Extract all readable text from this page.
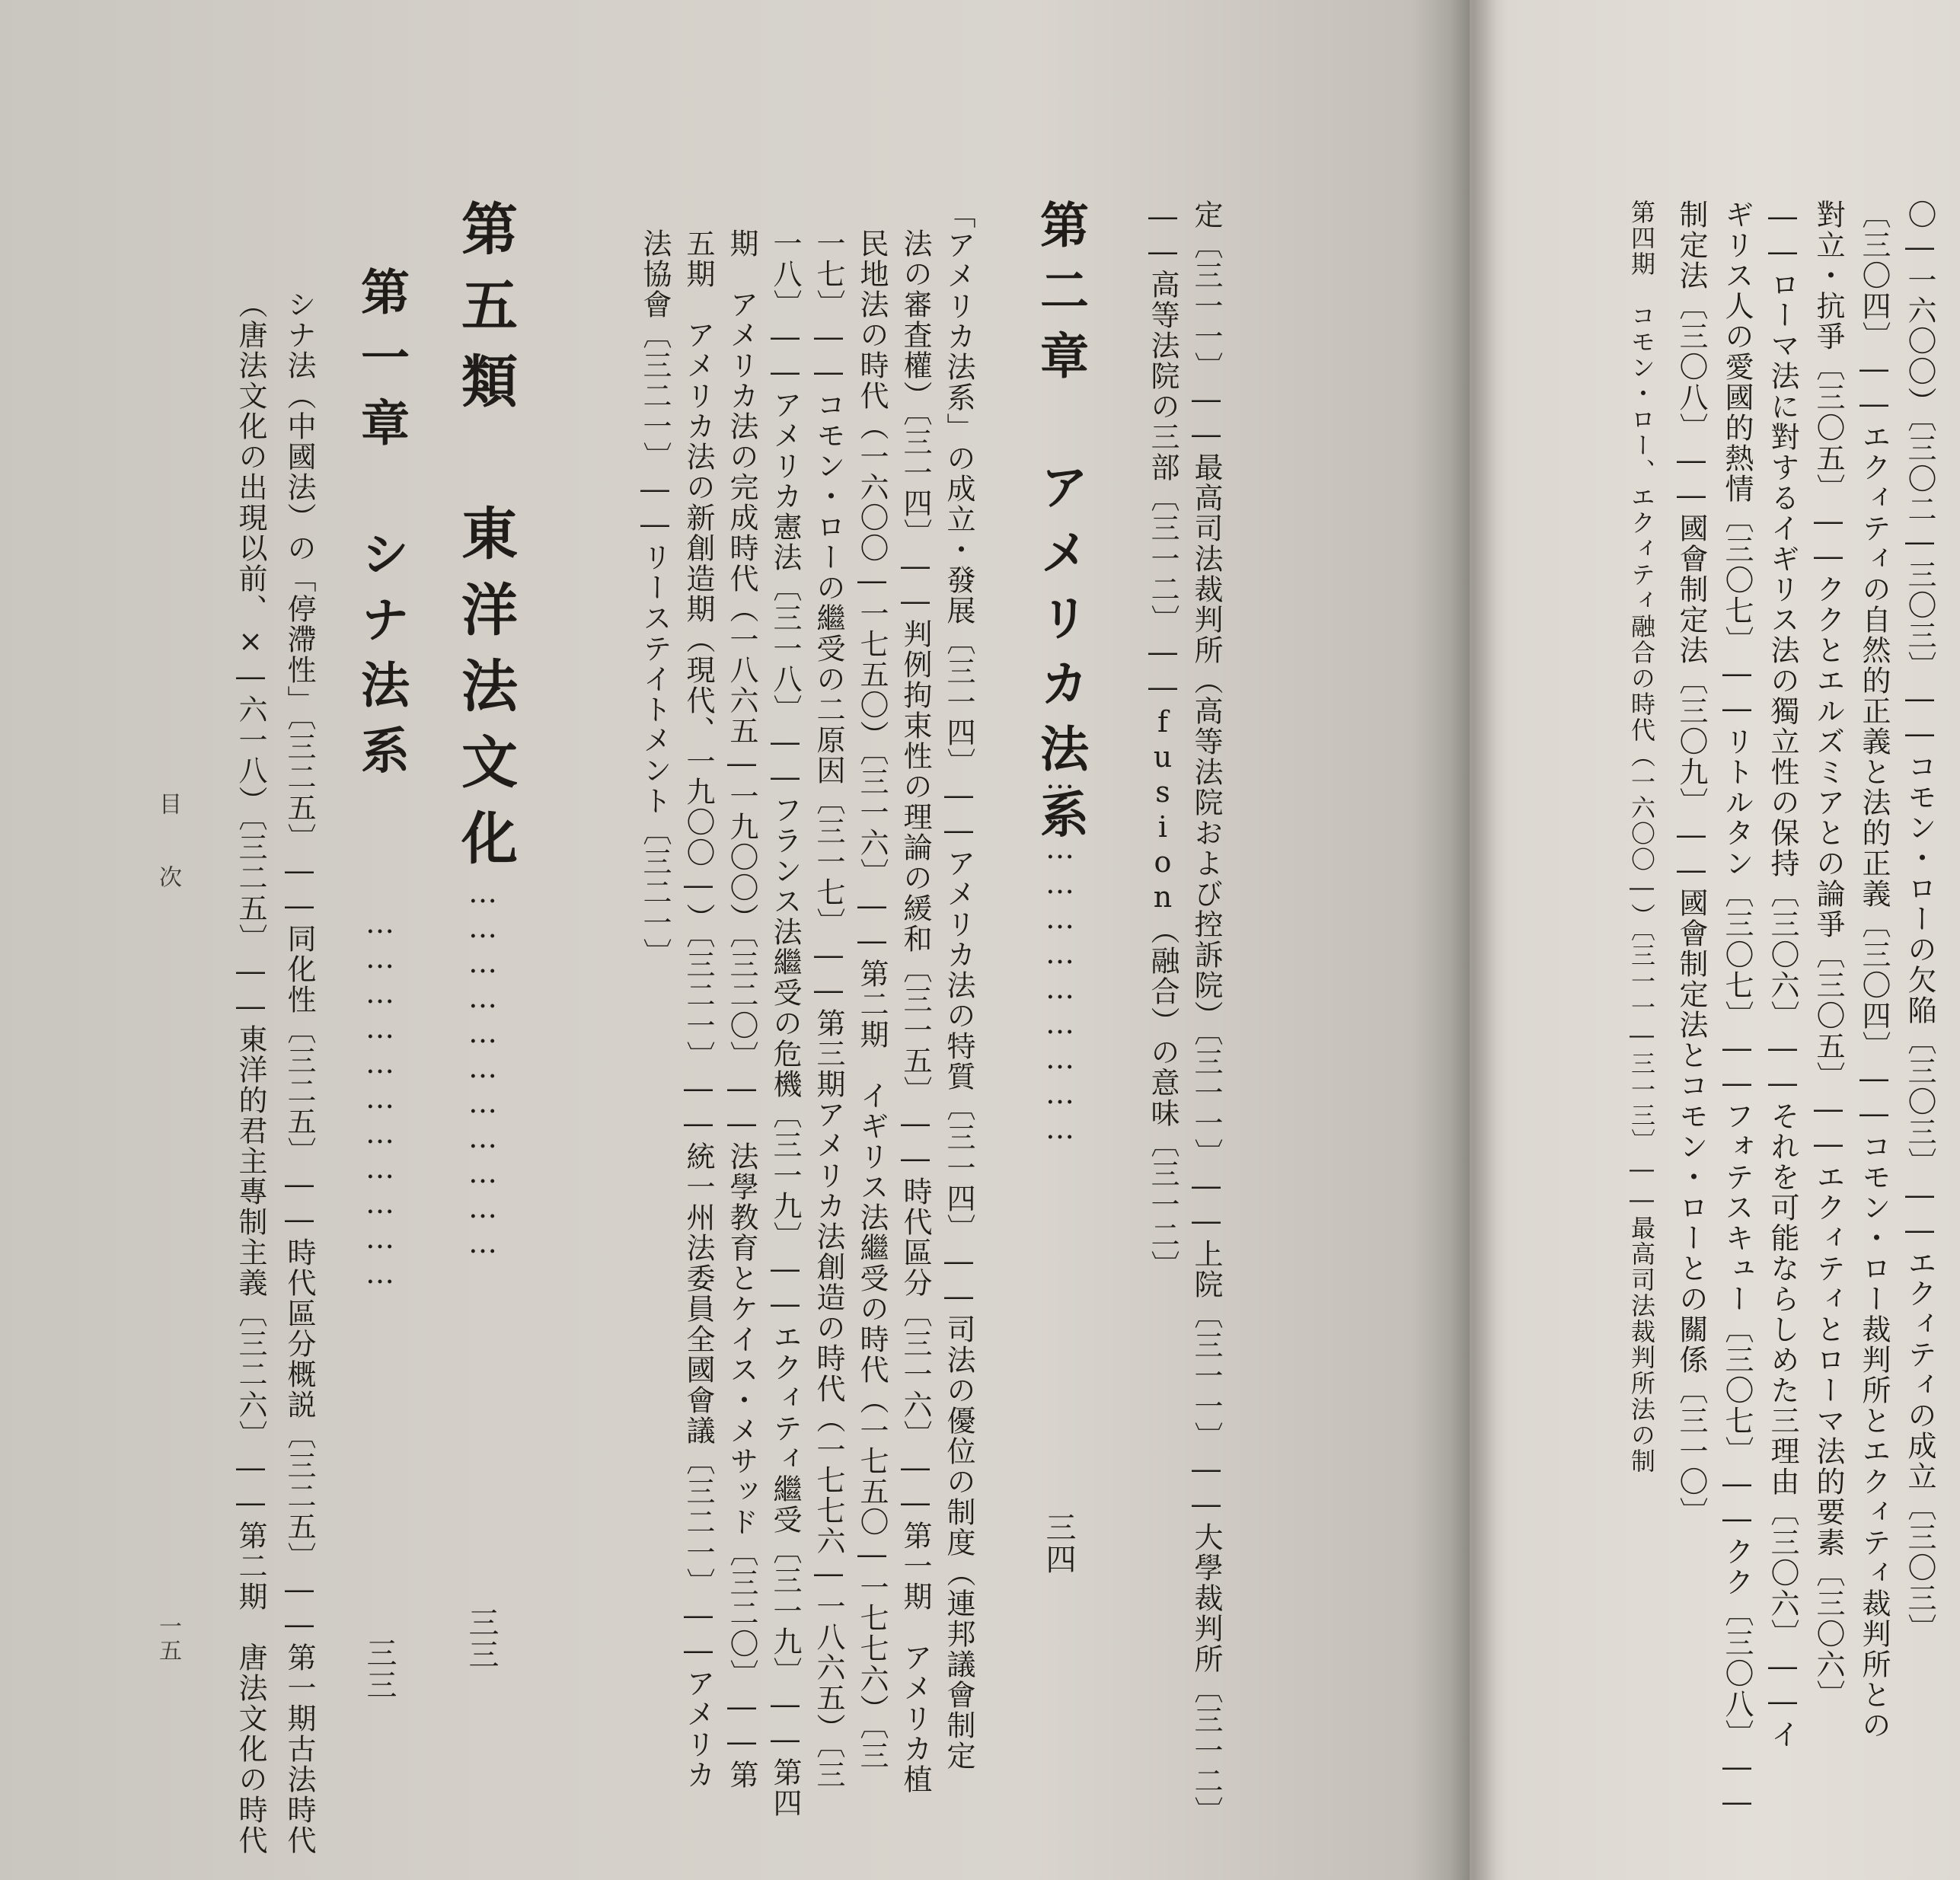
定〔三一一〕――最高司法裁判所（高等法院および控訴院）〔三一一〕――上院〔三一一〕――大學裁判所〔三一二〕
――高等法院の三部〔三一二〕――fusion（融合）の意味〔三一二〕
第二章　アメリカ法系
……………………………
三四
「アメリカ法系」の成立・發展〔三一四〕――アメリカ法の特質〔三一四〕――司法の優位の制度（連邦議會制定
法の審査權）〔三一四〕――判例拘束性の理論の緩和〔三一五〕――時代區分〔三一六〕――第一期　アメリカ植
民地法の時代（一六〇〇―一七五〇）〔三一六〕――第二期　イギリス法繼受の時代（一七五〇―一七七六）〔三
一七〕――コモン・ローの繼受の二原因〔三一七〕――第三期アメリカ法創造の時代（一七七六―一八六五）〔三
一八〕――アメリカ憲法〔三一八〕――フランス法繼受の危機〔三一九〕――エクィティ繼受〔三一九〕――第四
期　アメリカ法の完成時代（一八六五―一九〇〇）〔三二〇〕――法學教育とケイス・メサッド〔三二〇〕――第
五期　アメリカ法の新創造期（現代、一九〇〇―）〔三二一〕――統一州法委員全國會議〔三二一〕――アメリカ
法協會〔三二一〕――リーステイトメント〔三二一〕
第五類　東洋法文化
……………………………
三三
第一章　シナ法系
……………………………
三三
シナ法（中國法）の「停滯性」〔三二五〕――同化性〔三二五〕――時代區分概説〔三二五〕――第一期古法時代
（唐法文化の出現以前、×―六一八）〔三二五〕――東洋的君主專制主義〔三二六〕――第二期　唐法文化の時代
目　　次
一五	〇―一六〇〇）〔三〇二―三〇三〕――コモン・ローの欠陥〔三〇三〕――エクィティの成立〔三〇三〕
〔三〇四〕――エクィティの自然的正義と法的正義〔三〇四〕――コモン・ロー裁判所とエクィティ裁判所との
對立・抗爭〔三〇五〕――ククとエルズミアとの論爭〔三〇五〕――エクィティとローマ法的要素〔三〇六〕
――ローマ法に對するイギリス法の獨立性の保持〔三〇六〕――それを可能ならしめた三理由〔三〇六〕――イ
ギリス人の愛國的熱情〔三〇七〕――リトルタン〔三〇七〕――フォテスキュー〔三〇七〕――クク〔三〇八〕――
制定法〔三〇八〕――國會制定法〔三〇九〕――國會制定法とコモン・ローとの關係〔三一〇〕
第四期　コモン・ロー、エクィティ融合の時代（一六〇〇―）〔三一一―三一三〕――最高司法裁判所法の制
